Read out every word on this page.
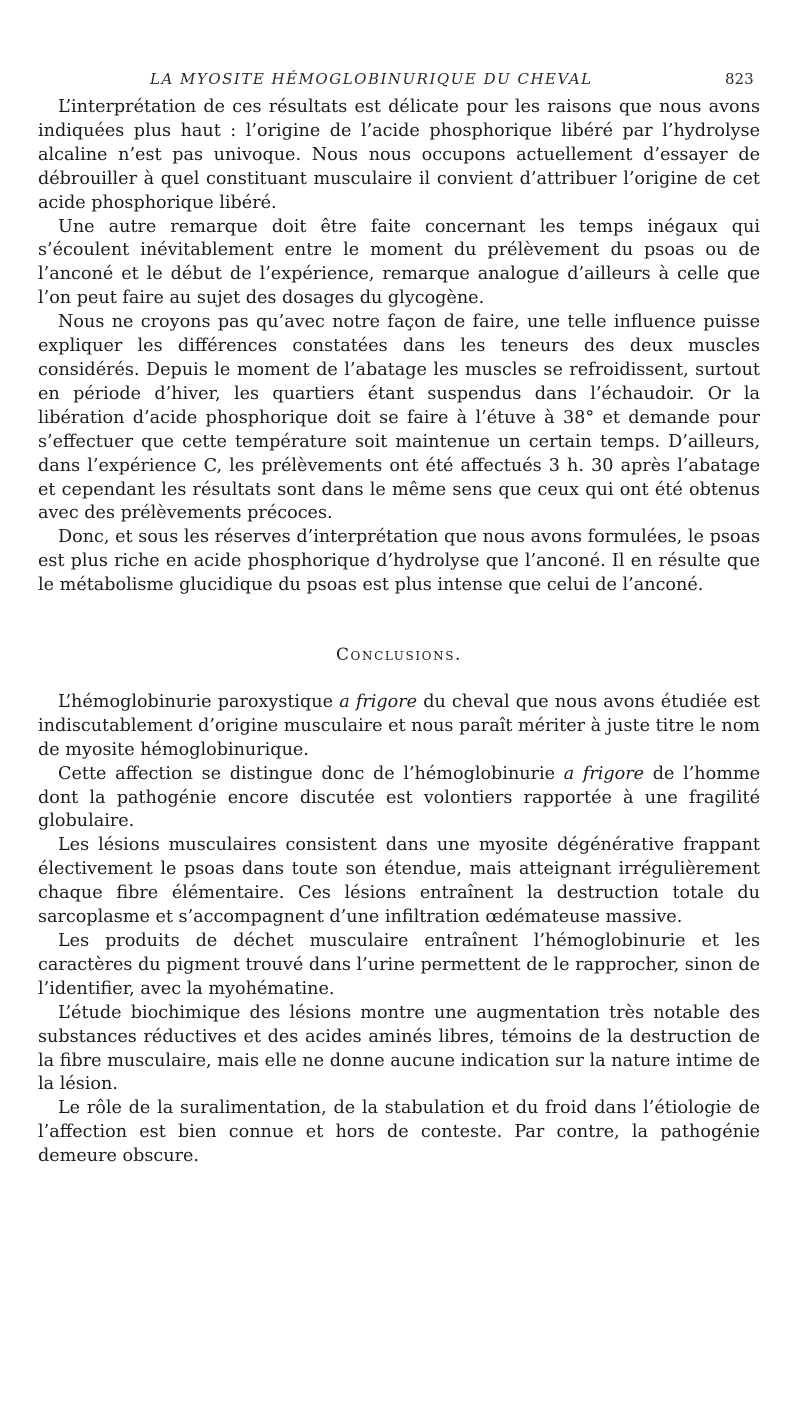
LA MYOSITE HÉMOGLOBINURIQUE DU CHEVAL	823

L’interprétation de ces résultats est délicate pour les raisons que nous avons indiquées plus haut : l’origine de l’acide phosphorique libéré par l’hydrolyse alcaline n’est pas univoque. Nous nous occupons actuellement d’essayer de débrouiller à quel constituant musculaire il convient d’attribuer l’origine de cet acide phosphorique libéré.

Une autre remarque doit être faite concernant les temps inégaux qui s’écoulent inévitablement entre le moment du prélèvement du psoas ou de l’anconé et le début de l’expérience, remarque analogue d’ailleurs à celle que l’on peut faire au sujet des dosages du glycogène.

Nous ne croyons pas qu’avec notre façon de faire, une telle influence puisse expliquer les différences constatées dans les teneurs des deux muscles considérés. Depuis le moment de l’abatage les muscles se refroidissent, surtout en période d’hiver, les quartiers étant suspendus dans l’échaudoir. Or la libération d’acide phosphorique doit se faire à l’étuve à 38° et demande pour s’effectuer que cette température soit maintenue un certain temps. D’ailleurs, dans l’expérience C, les prélèvements ont été affectués 3 h. 30 après l’abatage et cependant les résultats sont dans le même sens que ceux qui ont été obtenus avec des prélèvements précoces.

Donc, et sous les réserves d’interprétation que nous avons formulées, le psoas est plus riche en acide phosphorique d’hydrolyse que l’anconé. Il en résulte que le métabolisme glucidique du psoas est plus intense que celui de l’anconé.

Conclusions.

L’hémoglobinurie paroxystique a frigore du cheval que nous avons étudiée est indiscutablement d’origine musculaire et nous paraît mériter à juste titre le nom de myosite hémoglobinurique.

Cette affection se distingue donc de l’hémoglobinurie a frigore de l’homme dont la pathogénie encore discutée est volontiers rapportée à une fragilité globulaire.

Les lésions musculaires consistent dans une myosite dégénérative frappant électivement le psoas dans toute son étendue, mais atteignant irrégulièrement chaque fibre élémentaire. Ces lésions entraînent la destruction totale du sarcoplasme et s’accompagnent d’une infiltration œdémateuse massive.

Les produits de déchet musculaire entraînent l’hémoglobinurie et les caractères du pigment trouvé dans l’urine permettent de le rapprocher, sinon de l’identifier, avec la myohématine.

L’étude biochimique des lésions montre une augmentation très notable des substances réductives et des acides aminés libres, témoins de la destruction de la fibre musculaire, mais elle ne donne aucune indication sur la nature intime de la lésion.

Le rôle de la suralimentation, de la stabulation et du froid dans l’étiologie de l’affection est bien connue et hors de conteste. Par contre, la pathogénie demeure obscure.
